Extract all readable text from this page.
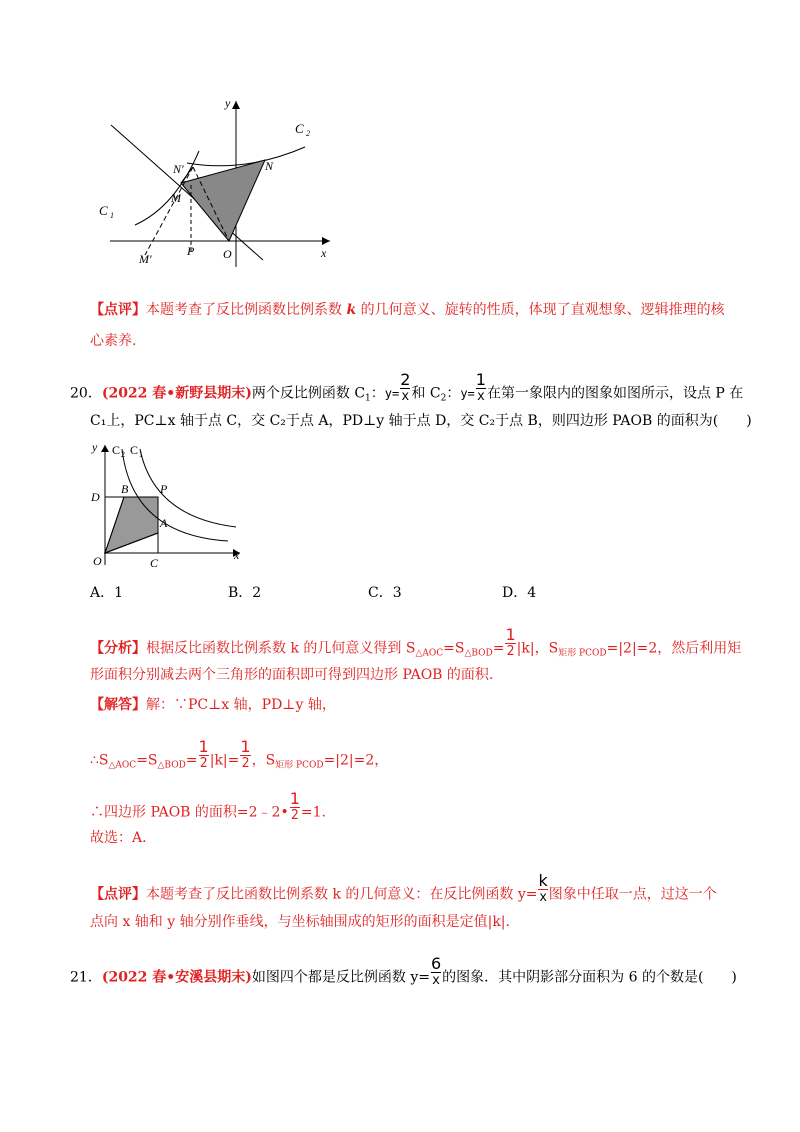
y
C 2
N'	N
M
C 1
M'
P O	x
【点评】本题考查了反比例函数比例系数 k 的几何意义、旋转的性质，体现了直观想象、逻辑推理的核
心素养.
20．(2022 春•新野县期末)两个反比例函数 $C_1$：$y= \frac{2}{x}$ 和 $C_2$：$y= \frac{1}{x}$ 在第一象限内的图象如图所示，设点 P 在
C₁上，PC⊥x 轴于点 C，交 C₂于点 A，PD⊥y 轴于点 D，交 C₂于点 B，则四边形 PAOB 的面积为(　　)
y C 2 C 1
D
B	P
A
O	C
x
A．1	B．2	C．3	D．4
【分析】根据反比函数比例系数 k 的几何意义得到 $S_{\triangle AOC}=S_{\triangle BOD}= \frac{1}{2} |k|$，$S_{矩形 PCOD}=|2|=2$，然后利用矩
形面积分别减去两个三角形的面积即可得到四边形 PAOB 的面积.
【解答】解：∵PC⊥x 轴，PD⊥y 轴，
$\therefore S_{\triangle AOC}=S_{\triangle BOD}= \frac{1}{2} |k|= \frac{1}{2}$ ，$S_{矩形 PCOD}=|2|=2$，
∴四边形 PAOB 的面积=2﹣2• $\frac{1}{2} =1$.
故选：A.
【点评】本题考查了反比函数比例系数 k 的几何意义：在反比例函数 $y= \frac{k}{x}$ 图象中任取一点，过这一个
点向 x 轴和 y 轴分别作垂线，与坐标轴围成的矩形的面积是定值|k|.
21．(2022 春•安溪县期末)如图四个都是反比例函数 $y= \frac{6}{x}$ 的图象．其中阴影部分面积为 6 的个数是(　　)
